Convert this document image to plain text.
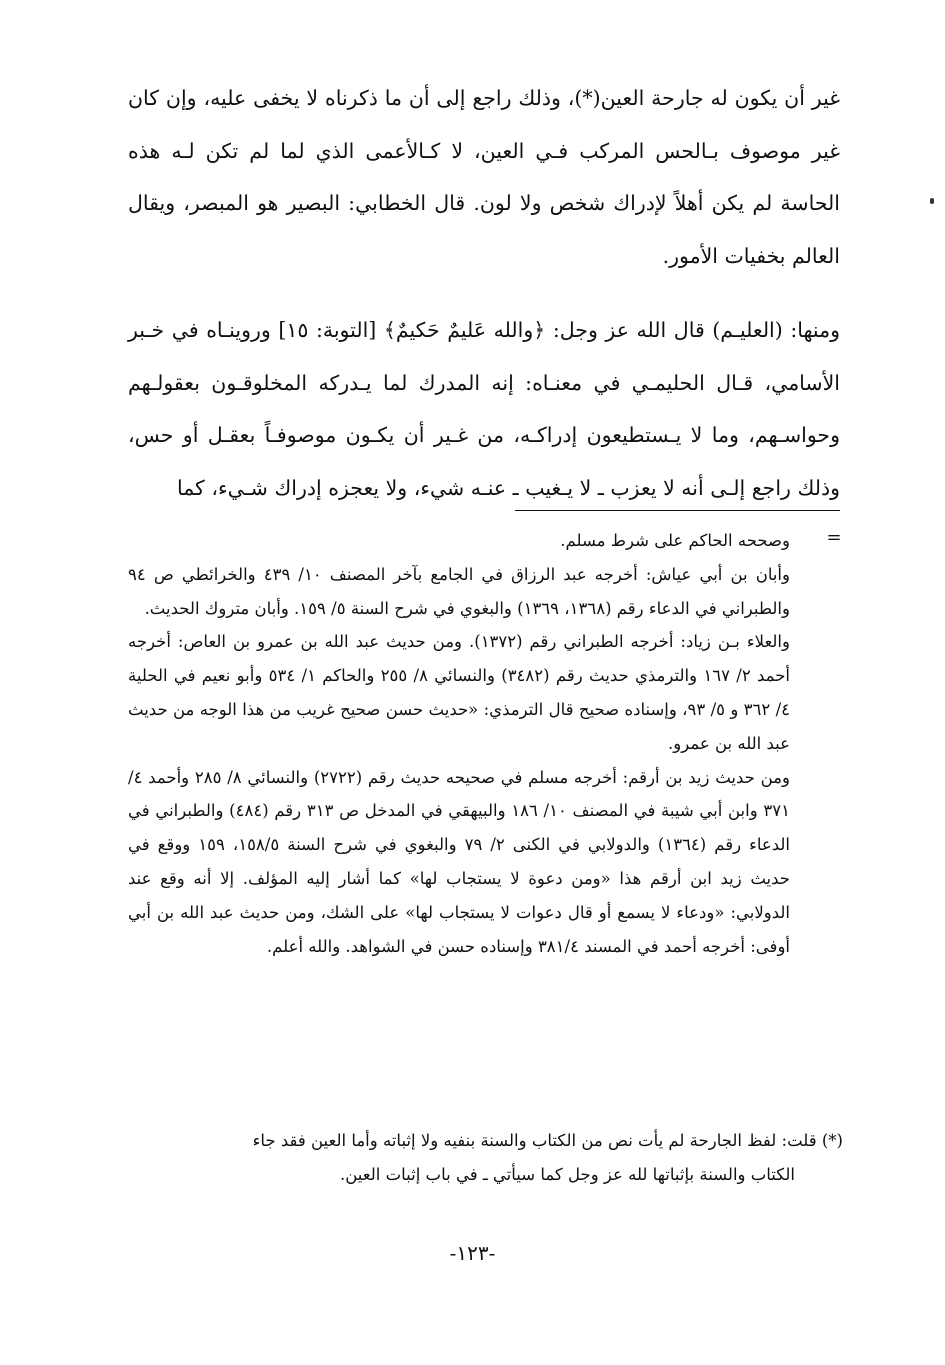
غير أن يكون له جارحة العين(*)، وذلك راجع إلى أن ما ذكرناه لا يخفى عليه، وإن كان غير موصوف بـالحس المركب فـي العين، لا كـالأعمى الذي لما لم تكن لـه هذه الحاسة لم يكن أهلاً لإدراك شخص ولا لون. قال الخطابي: البصير هو المبصر، ويقال العالم بخفيات الأمور.

ومنها: (العليـم) قال الله عز وجل: ﴿والله عَليمٌ حَكيمٌ﴾ [التوبة: ١٥] وروينـاه في خـبر الأسامي، قـال الحليمـي في معنـاه: إنه المدرك لما يـدركه المخلوقـون بعقولـهم وحواسـهم، وما لا يـستطيعون إدراكـه، من غـير أن يكـون موصوفـاً بعقـل أو حس، وذلك راجع إلـى أنه لا يعزب ـ لا يـغيب ـ عنـه شيء، ولا يعجزه إدراك شـيء، كما

=

وصححه الحاكم على شرط مسلم.

وأبان بن أبي عياش: أخرجه عبد الرزاق في الجامع بآخر المصنف ١٠/ ٤٣٩ والخرائطي ص ٩٤ والطبراني في الدعاء رقم (١٣٦٨، ١٣٦٩) والبغوي في شرح السنة ٥/ ١٥٩. وأبان متروك الحديث.

والعلاء بـن زياد: أخرجه الطبراني رقم (١٣٧٢). ومن حديث عبد الله بن عمرو بن العاص: أخرجه أحمد ٢/ ١٦٧ والترمذي حديث رقم (٣٤٨٢) والنسائي ٨/ ٢٥٥ والحاكم ١/ ٥٣٤ وأبو نعيم في الحلية ٤/ ٣٦٢ و ٥/ ٩٣، وإسناده صحيح قال الترمذي: «حديث حسن صحيح غريب من هذا الوجه من حديث عبد الله بن عمرو.

ومن حديث زيد بن أرقم: أخرجه مسلم في صحيحه حديث رقم (٢٧٢٢) والنسائي ٨/ ٢٨٥ وأحمد ٤/ ٣٧١ وابن أبي شيبة في المصنف ١٠/ ١٨٦ والبيهقي في المدخل ص ٣١٣ رقم (٤٨٤) والطبراني في الدعاء رقم (١٣٦٤) والدولابي في الكنى ٢/ ٧٩ والبغوي في شرح السنة ١٥٨/٥، ١٥٩ ووقع في حديث زيد ابن أرقم هذا «ومن دعوة لا يستجاب لها» كما أشار إليه المؤلف. إلا أنه وقع عند الدولابي: «ودعاء لا يسمع أو قال دعوات لا يستجاب لها» على الشك، ومن حديث عبد الله بن أبي أوفى: أخرجه أحمد في المسند ٣٨١/٤ وإسناده حسن في الشواهد. والله أعلم.

(*) قلت: لفظ الجارحة لم يأت نص من الكتاب والسنة بنفيه ولا إثباته وأما العين فقد جاء

الكتاب والسنة بإثباتها لله عز وجل كما سيأتي ـ في باب إثبات العين.

-١٢٣-
